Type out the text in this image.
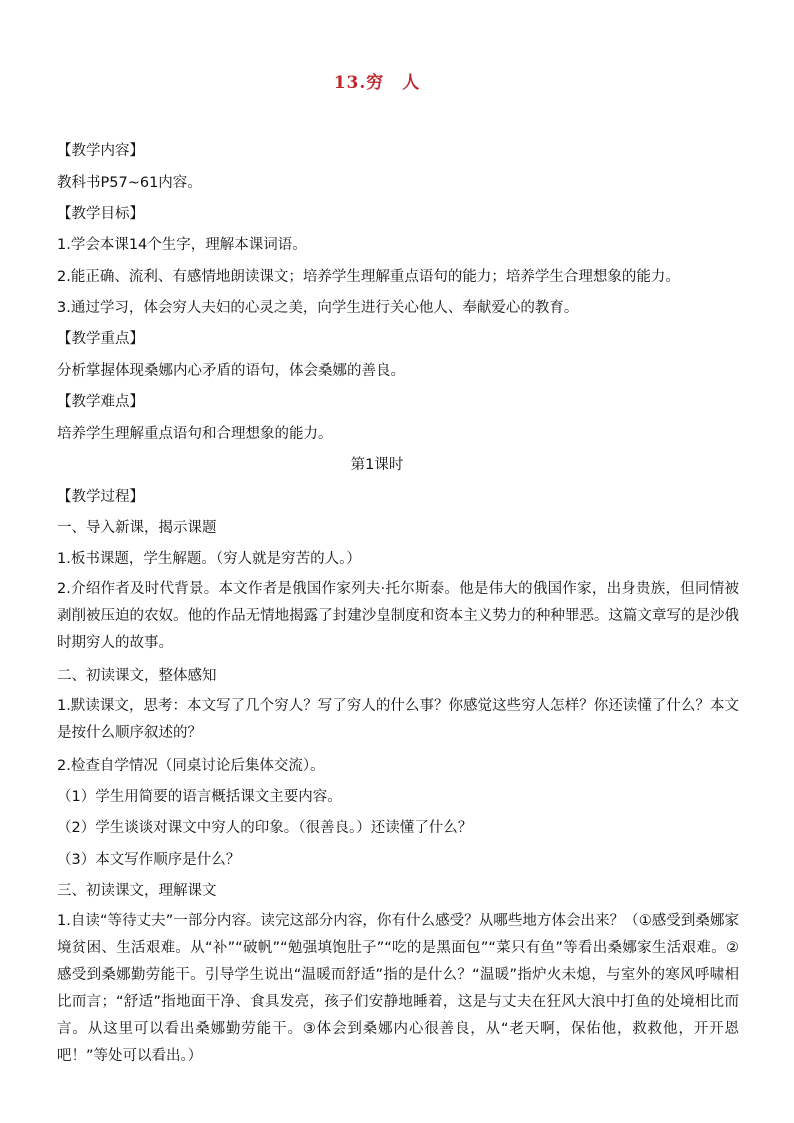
13.穷　人
【教学内容】
教科书P57~61内容。
【教学目标】
1.学会本课14个生字，理解本课词语。
2.能正确、流利、有感情地朗读课文；培养学生理解重点语句的能力；培养学生合理想象的能力。
3.通过学习，体会穷人夫妇的心灵之美，向学生进行关心他人、奉献爱心的教育。
【教学重点】
分析掌握体现桑娜内心矛盾的语句，体会桑娜的善良。
【教学难点】
培养学生理解重点语句和合理想象的能力。
第1课时
【教学过程】
一、导入新课，揭示课题
1.板书课题，学生解题。（穷人就是穷苦的人。）
2.介绍作者及时代背景。本文作者是俄国作家列夫·托尔斯泰。他是伟大的俄国作家，出身贵族，但同情被剥削被压迫的农奴。他的作品无情地揭露了封建沙皇制度和资本主义势力的种种罪恶。这篇文章写的是沙俄时期穷人的故事。
二、初读课文，整体感知
1.默读课文，思考：本文写了几个穷人？写了穷人的什么事？你感觉这些穷人怎样？你还读懂了什么？本文是按什么顺序叙述的？
2.检查自学情况（同桌讨论后集体交流）。
（1）学生用简要的语言概括课文主要内容。
（2）学生谈谈对课文中穷人的印象。（很善良。）还读懂了什么？
（3）本文写作顺序是什么？
三、初读课文，理解课文
1.自读“等待丈夫”一部分内容。读完这部分内容，你有什么感受？从哪些地方体会出来？（①感受到桑娜家境贫困、生活艰难。从“补”“破帆”“勉强填饱肚子”“吃的是黑面包”“菜只有鱼”等看出桑娜家生活艰难。②感受到桑娜勤劳能干。引导学生说出“温暖而舒适”指的是什么？“温暖”指炉火未熄，与室外的寒风呼啸相比而言；“舒适”指地面干净、食具发亮，孩子们安静地睡着，这是与丈夫在狂风大浪中打鱼的处境相比而言。从这里可以看出桑娜勤劳能干。③体会到桑娜内心很善良，从“老天啊，保佑他，救救他，开开恩吧！”等处可以看出。）
